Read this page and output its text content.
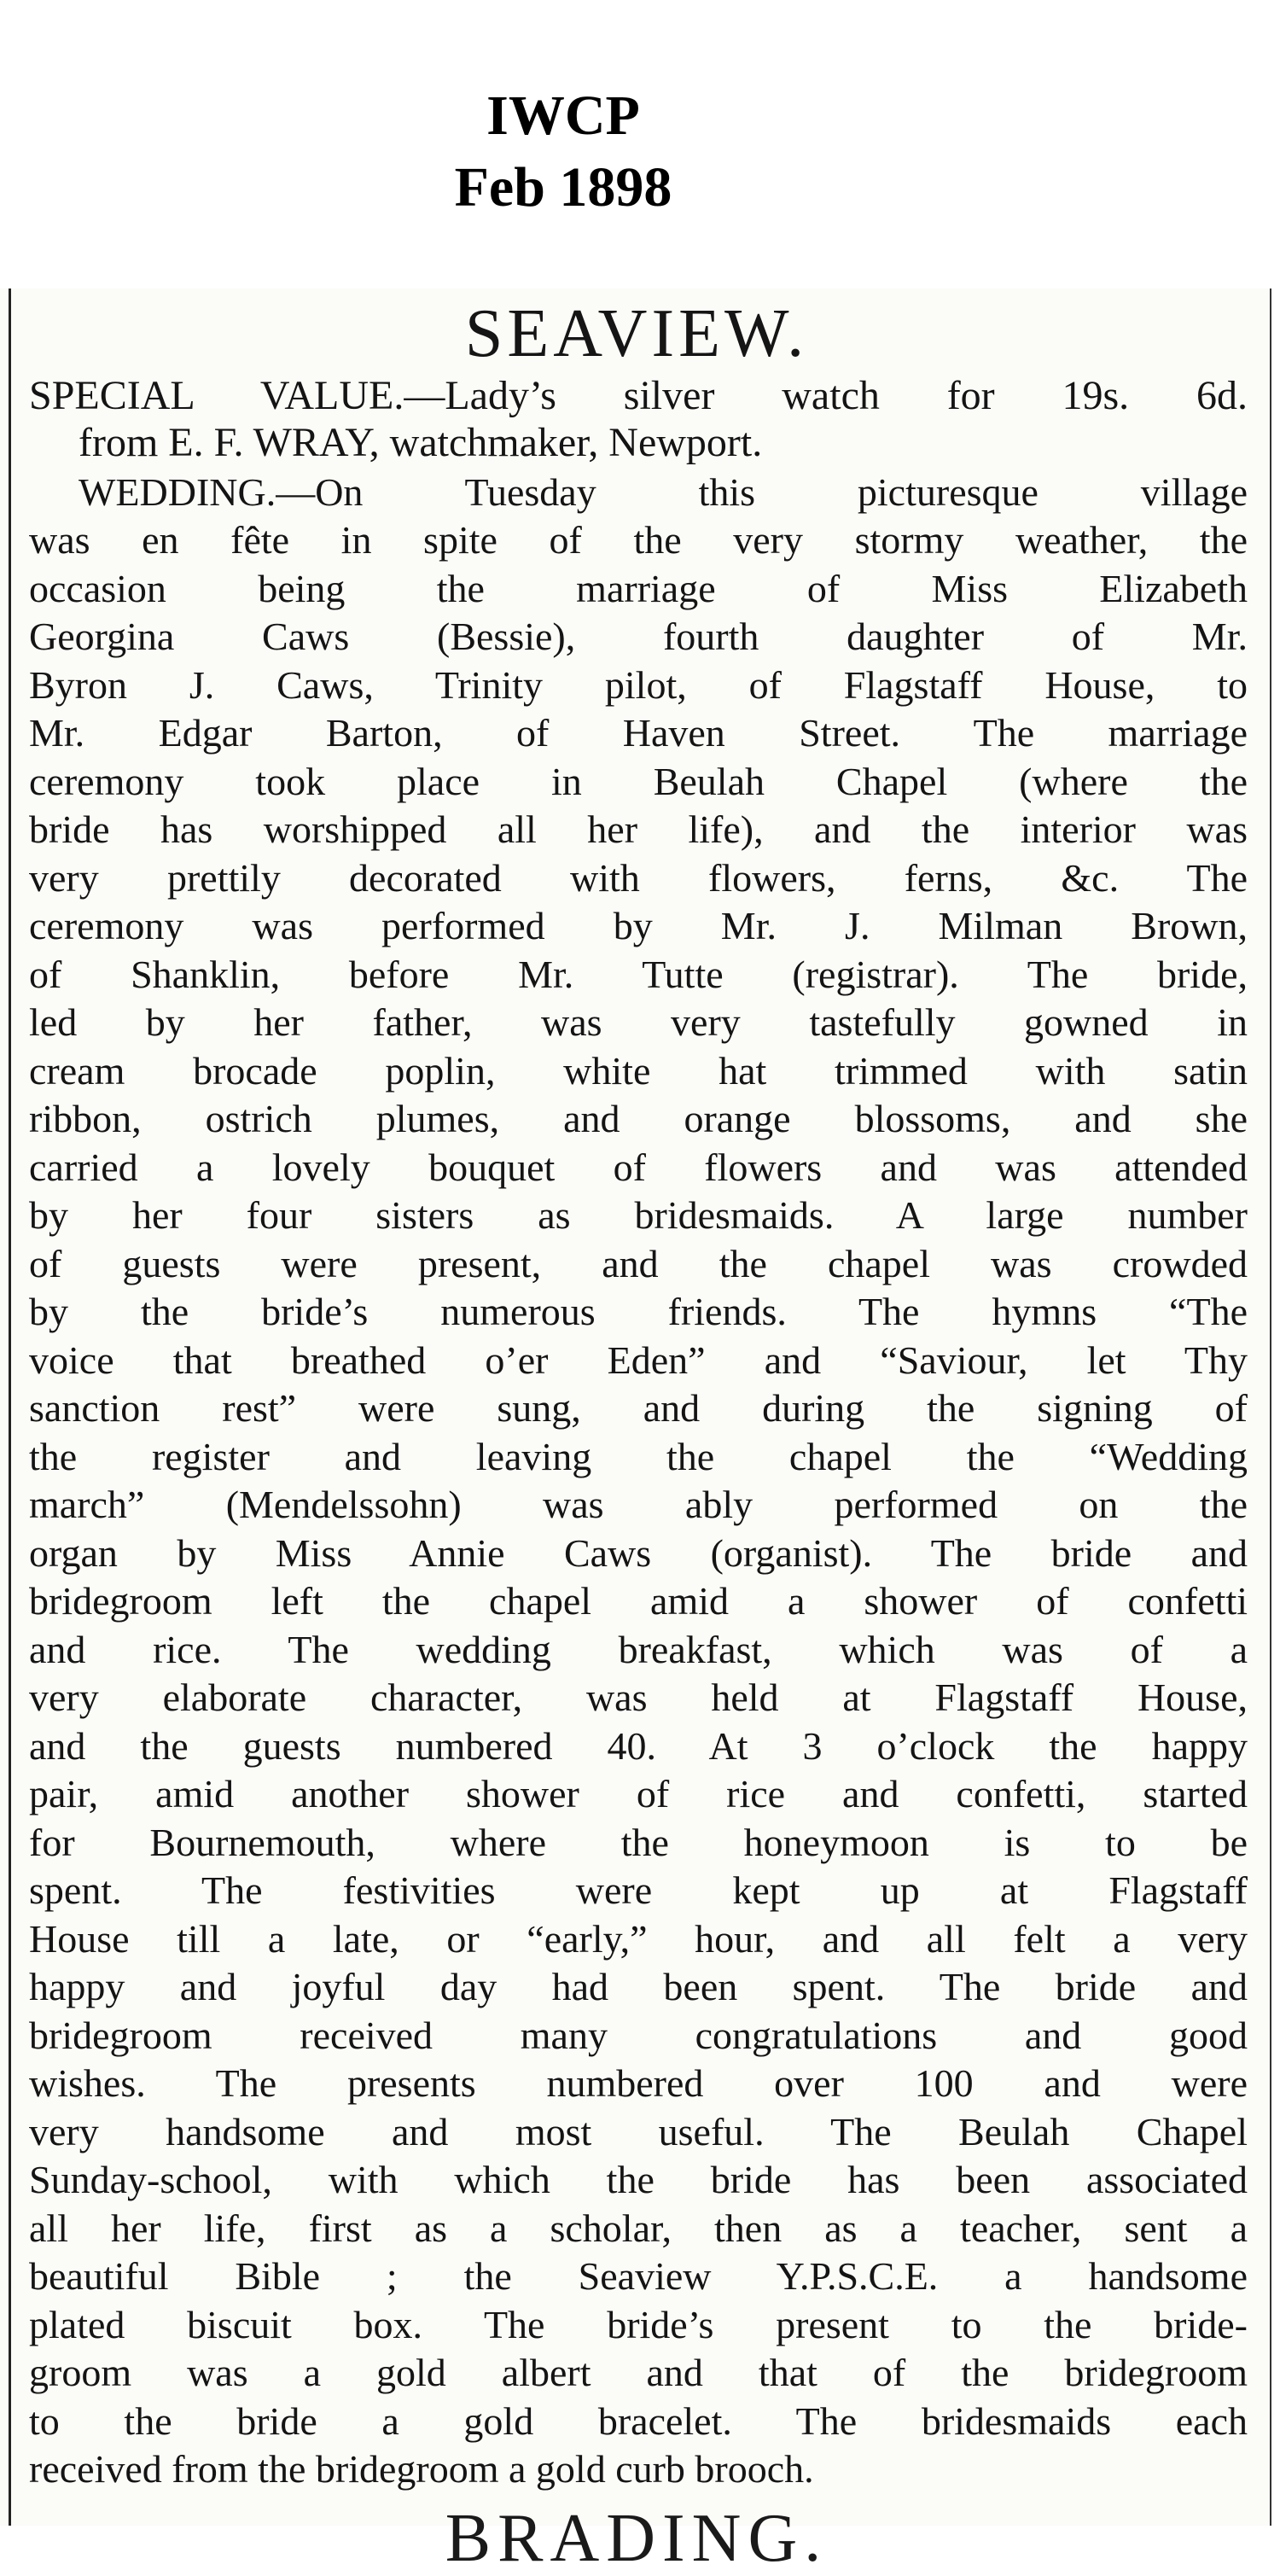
IWCP
Feb 1898
SEAVIEW.
SPECIAL VALUE.—Lady’s silver watch for 19s. 6d.
from E. F. WRAY, watchmaker, Newport.
WEDDING.—On Tuesday this picturesque village
was en fête in spite of the very stormy weather, the
occasion being the marriage of Miss Elizabeth
Georgina Caws (Bessie), fourth daughter of Mr.
Byron J. Caws, Trinity pilot, of Flagstaff House, to
Mr. Edgar Barton, of Haven Street. The marriage
ceremony took place in Beulah Chapel (where the
bride has worshipped all her life), and the interior was
very prettily decorated with flowers, ferns, &c. The
ceremony was performed by Mr. J. Milman Brown,
of Shanklin, before Mr. Tutte (registrar). The bride,
led by her father, was very tastefully gowned in
cream brocade poplin, white hat trimmed with satin
ribbon, ostrich plumes, and orange blossoms, and she
carried a lovely bouquet of flowers and was attended
by her four sisters as bridesmaids. A large number
of guests were present, and the chapel was crowded
by the bride’s numerous friends. The hymns “The
voice that breathed o’er Eden” and “Saviour, let Thy
sanction rest” were sung, and during the signing of
the register and leaving the chapel the “Wedding
march” (Mendelssohn) was ably performed on the
organ by Miss Annie Caws (organist). The bride and
bridegroom left the chapel amid a shower of confetti
and rice. The wedding breakfast, which was of a
very elaborate character, was held at Flagstaff House,
and the guests numbered 40. At 3 o’clock the happy
pair, amid another shower of rice and confetti, started
for Bournemouth, where the honeymoon is to be
spent. The festivities were kept up at Flagstaff
House till a late, or “early,” hour, and all felt a very
happy and joyful day had been spent. The bride and
bridegroom received many congratulations and good
wishes. The presents numbered over 100 and were
very handsome and most useful. The Beulah Chapel
Sunday-school, with which the bride has been associated
all her life, first as a scholar, then as a teacher, sent a
beautiful Bible ; the Seaview Y.P.S.C.E. a handsome
plated biscuit box. The bride’s present to the bride-
groom was a gold albert and that of the bridegroom
to the bride a gold bracelet. The bridesmaids each
received from the bridegroom a gold curb brooch.
BRADING.
